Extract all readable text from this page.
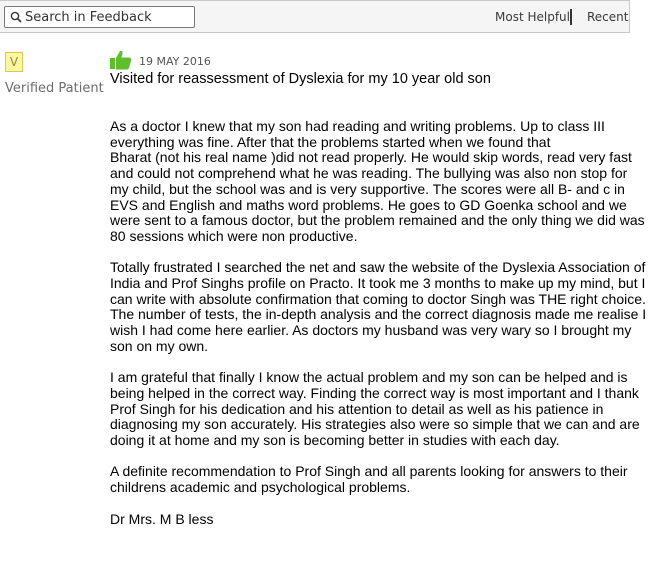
Search in Feedback
Most Helpful Recent
V
Verified Patient
19 MAY 2016
Visited for reassessment of Dyslexia for my 10 year old son

As a doctor I knew that my son had reading and writing problems. Up to class III
everything was fine. After that the problems started when we found that
Bharat (not his real name )did not read properly. He would skip words, read very fast
and could not comprehend what he was reading. The bullying was also non stop for
my child, but the school was and is very supportive. The scores were all B- and c in
EVS and English and maths word problems. He goes to GD Goenka school and we
were sent to a famous doctor, but the problem remained and the only thing we did was
80 sessions which were non productive.

Totally frustrated I searched the net and saw the website of the Dyslexia Association of
India and Prof Singhs profile on Practo. It took me 3 months to make up my mind, but I
can write with absolute confirmation that coming to doctor Singh was THE right choice.
The number of tests, the in-depth analysis and the correct diagnosis made me realise I
wish I had come here earlier. As doctors my husband was very wary so I brought my
son on my own.

I am grateful that finally I know the actual problem and my son can be helped and is
being helped in the correct way. Finding the correct way is most important and I thank
Prof Singh for his dedication and his attention to detail as well as his patience in
diagnosing my son accurately. His strategies also were so simple that we can and are
doing it at home and my son is becoming better in studies with each day.

A definite recommendation to Prof Singh and all parents looking for answers to their
childrens academic and psychological problems.

Dr Mrs. M B less
